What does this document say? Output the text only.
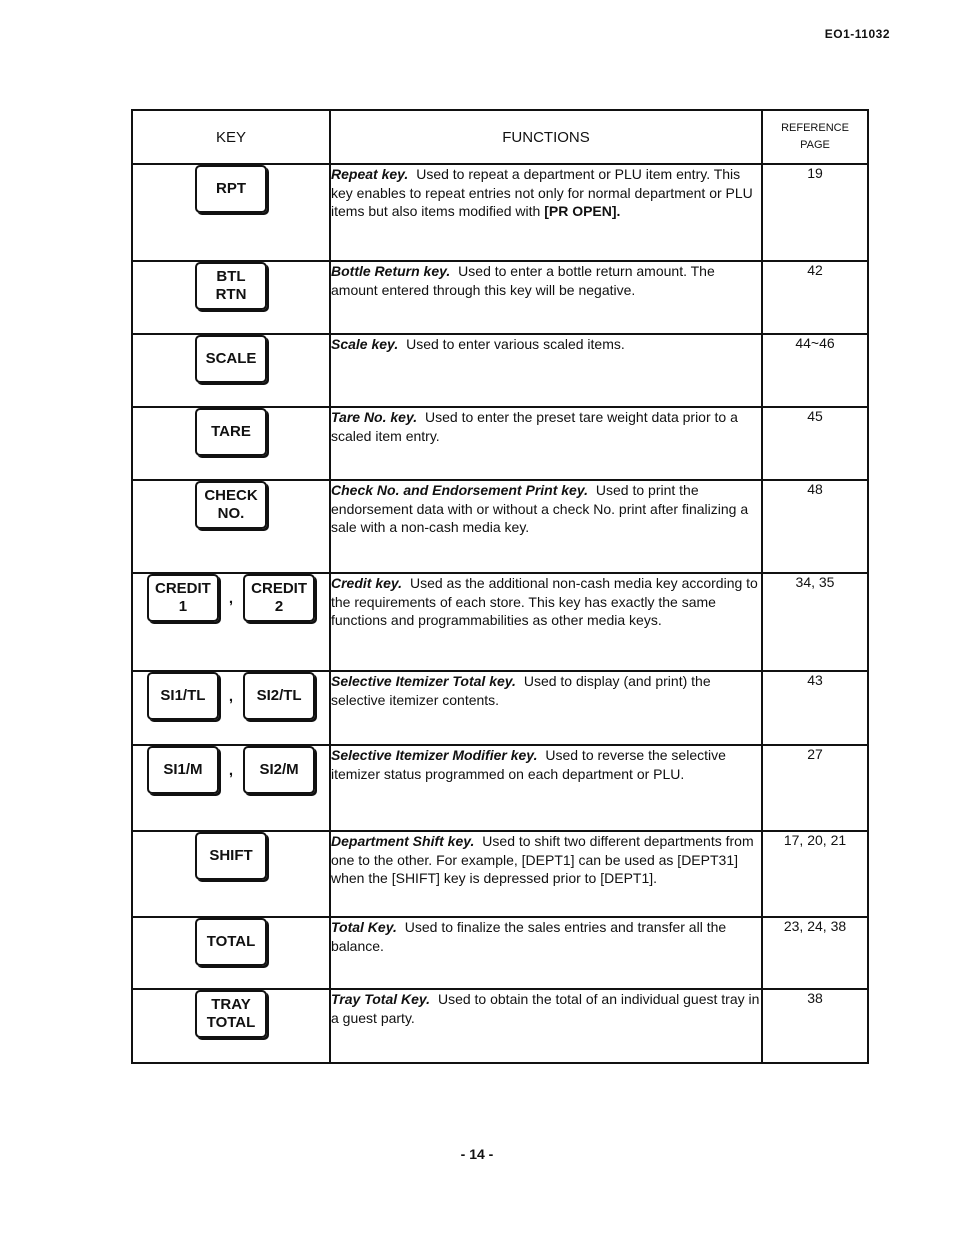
EO1-11032
KEY	FUNCTIONS	REFERENCE
PAGE

RPT	Repeat key. Used to repeat a department or PLU item entry. This key enables to repeat entries not only for normal department or PLU items but also items modified with [PR OPEN].	19

BTL
RTN	Bottle Return key. Used to enter a bottle return amount. The amount entered through this key will be negative.	42

SCALE	Scale key. Used to enter various scaled items.	44~46

TARE	Tare No. key. Used to enter the preset tare weight data prior to a scaled item entry.	45

CHECK
NO.	Check No. and Endorsement Print key. Used to print the endorsement data with or without a check No. print after finalizing a sale with a non-cash media key.	48

CREDIT
1 ,
CREDIT
2	Credit key. Used as the additional non-cash media key according to the requirements of each store. This key has exactly the same functions and programmabilities as other media keys.	34, 35

SI1/TL , SI2/TL	Selective Itemizer Total key. Used to display (and print) the selective itemizer contents.	43

SI1/M , SI2/M	Selective Itemizer Modifier key. Used to reverse the selective itemizer status programmed on each department or PLU.	27

SHIFT	Department Shift key. Used to shift two different departments from one to the other. For example, [DEPT1] can be used as [DEPT31] when the [SHIFT] key is depressed prior to [DEPT1].	17, 20, 21

TOTAL	Total Key. Used to finalize the sales entries and transfer all the balance.	23, 24, 38

TRAY
TOTAL	Tray Total Key. Used to obtain the total of an individual guest tray in a guest party.	38
- 14 -
